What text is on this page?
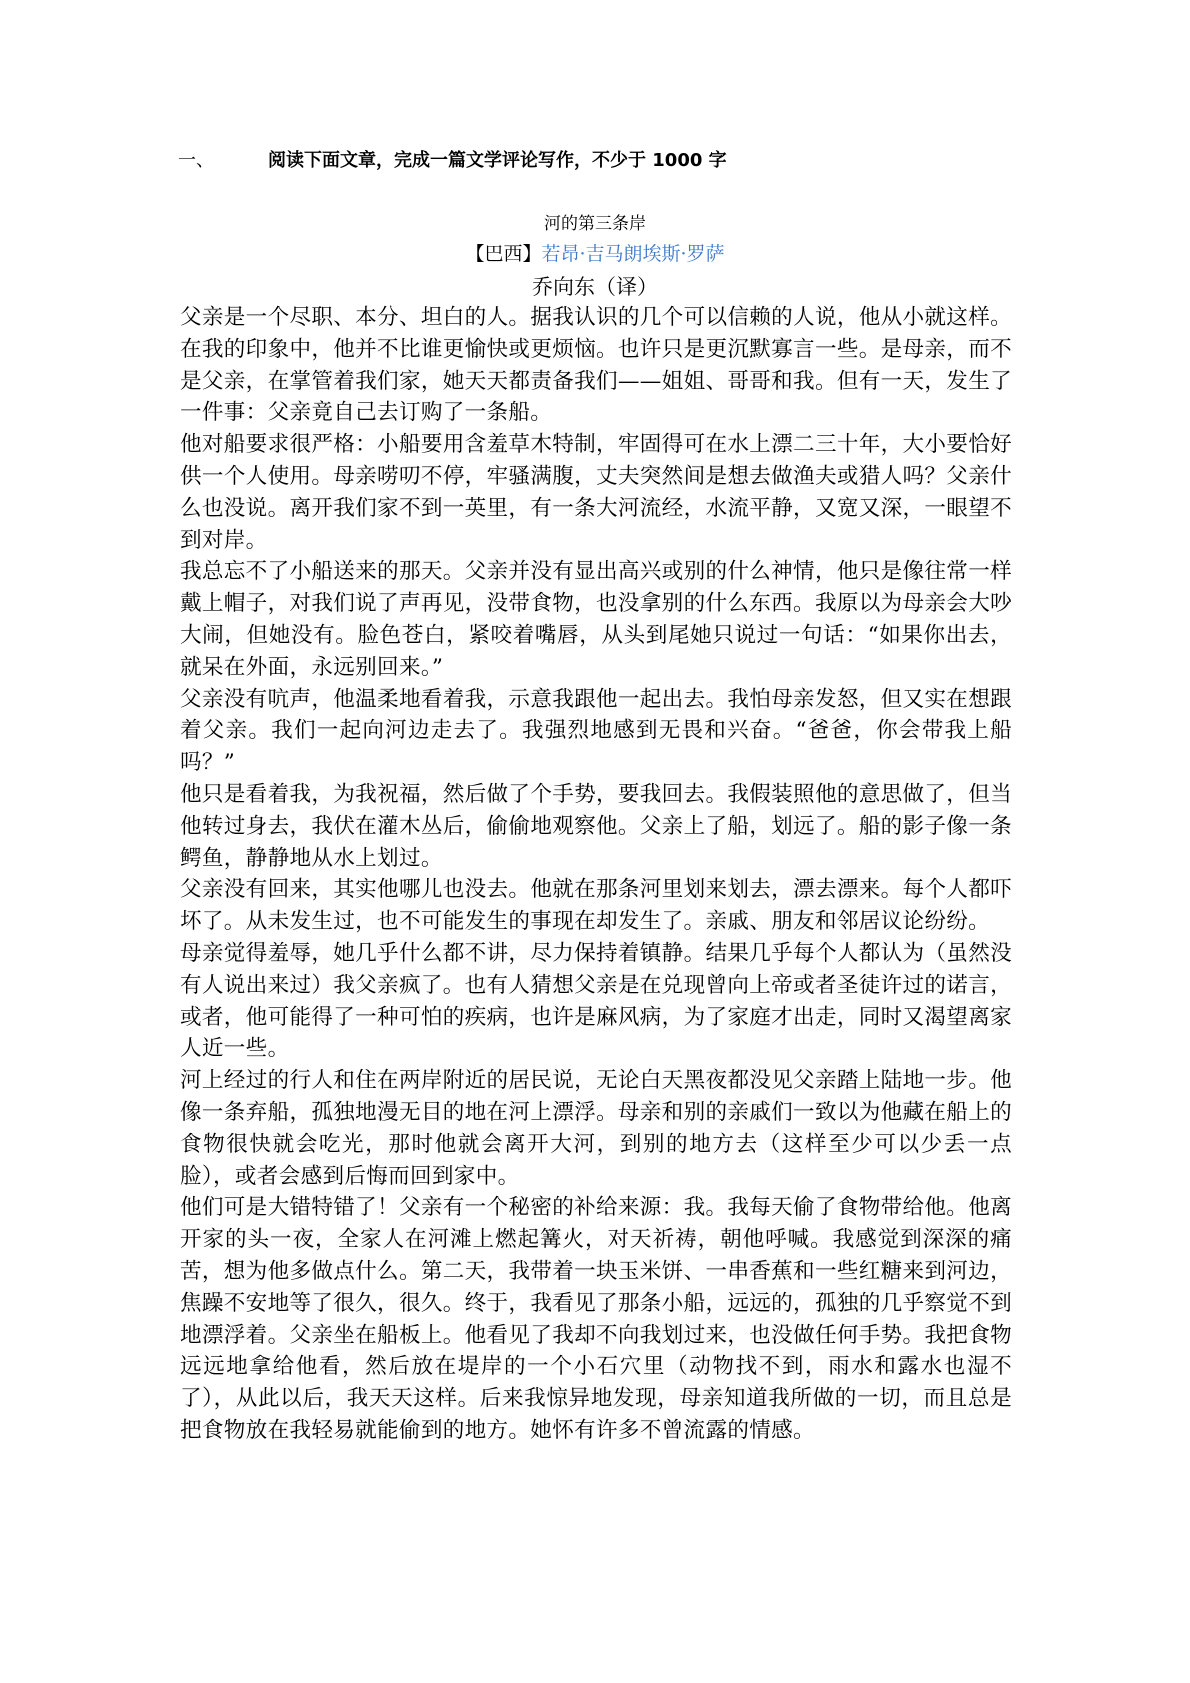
一、	阅读下面文章，完成一篇文学评论写作，不少于 1000 字
河的第三条岸
【巴西】若昂·吉马朗埃斯·罗萨
乔向东（译）

父亲是一个尽职、本分、坦白的人。据我认识的几个可以信赖的人说，他从小就这样。在我的印象中，他并不比谁更愉快或更烦恼。也许只是更沉默寡言一些。是母亲，而不是父亲，在掌管着我们家，她天天都责备我们——姐姐、哥哥和我。但有一天，发生了一件事：父亲竟自己去订购了一条船。

他对船要求很严格：小船要用含羞草木特制，牢固得可在水上漂二三十年，大小要恰好供一个人使用。母亲唠叨不停，牢骚满腹，丈夫突然间是想去做渔夫或猎人吗？父亲什么也没说。离开我们家不到一英里，有一条大河流经，水流平静，又宽又深，一眼望不到对岸。

我总忘不了小船送来的那天。父亲并没有显出高兴或别的什么神情，他只是像往常一样戴上帽子，对我们说了声再见，没带食物，也没拿别的什么东西。我原以为母亲会大吵大闹，但她没有。脸色苍白，紧咬着嘴唇，从头到尾她只说过一句话：“如果你出去，就呆在外面，永远别回来。”

父亲没有吭声，他温柔地看着我，示意我跟他一起出去。我怕母亲发怒，但又实在想跟着父亲。我们一起向河边走去了。我强烈地感到无畏和兴奋。“爸爸，你会带我上船吗？”

他只是看着我，为我祝福，然后做了个手势，要我回去。我假装照他的意思做了，但当他转过身去，我伏在灌木丛后，偷偷地观察他。父亲上了船，划远了。船的影子像一条鳄鱼，静静地从水上划过。

父亲没有回来，其实他哪儿也没去。他就在那条河里划来划去，漂去漂来。每个人都吓坏了。从未发生过，也不可能发生的事现在却发生了。亲戚、朋友和邻居议论纷纷。

母亲觉得羞辱，她几乎什么都不讲，尽力保持着镇静。结果几乎每个人都认为（虽然没有人说出来过）我父亲疯了。也有人猜想父亲是在兑现曾向上帝或者圣徒许过的诺言，或者，他可能得了一种可怕的疾病，也许是麻风病，为了家庭才出走，同时又渴望离家人近一些。

河上经过的行人和住在两岸附近的居民说，无论白天黑夜都没见父亲踏上陆地一步。他像一条弃船，孤独地漫无目的地在河上漂浮。母亲和别的亲戚们一致以为他藏在船上的食物很快就会吃光，那时他就会离开大河，到别的地方去（这样至少可以少丢一点脸），或者会感到后悔而回到家中。

他们可是大错特错了！父亲有一个秘密的补给来源：我。我每天偷了食物带给他。他离开家的头一夜，全家人在河滩上燃起篝火，对天祈祷，朝他呼喊。我感觉到深深的痛苦，想为他多做点什么。第二天，我带着一块玉米饼、一串香蕉和一些红糖来到河边，焦躁不安地等了很久，很久。终于，我看见了那条小船，远远的，孤独的几乎察觉不到地漂浮着。父亲坐在船板上。他看见了我却不向我划过来，也没做任何手势。我把食物远远地拿给他看，然后放在堤岸的一个小石穴里（动物找不到，雨水和露水也湿不了），从此以后，我天天这样。后来我惊异地发现，母亲知道我所做的一切，而且总是把食物放在我轻易就能偷到的地方。她怀有许多不曾流露的情感。
